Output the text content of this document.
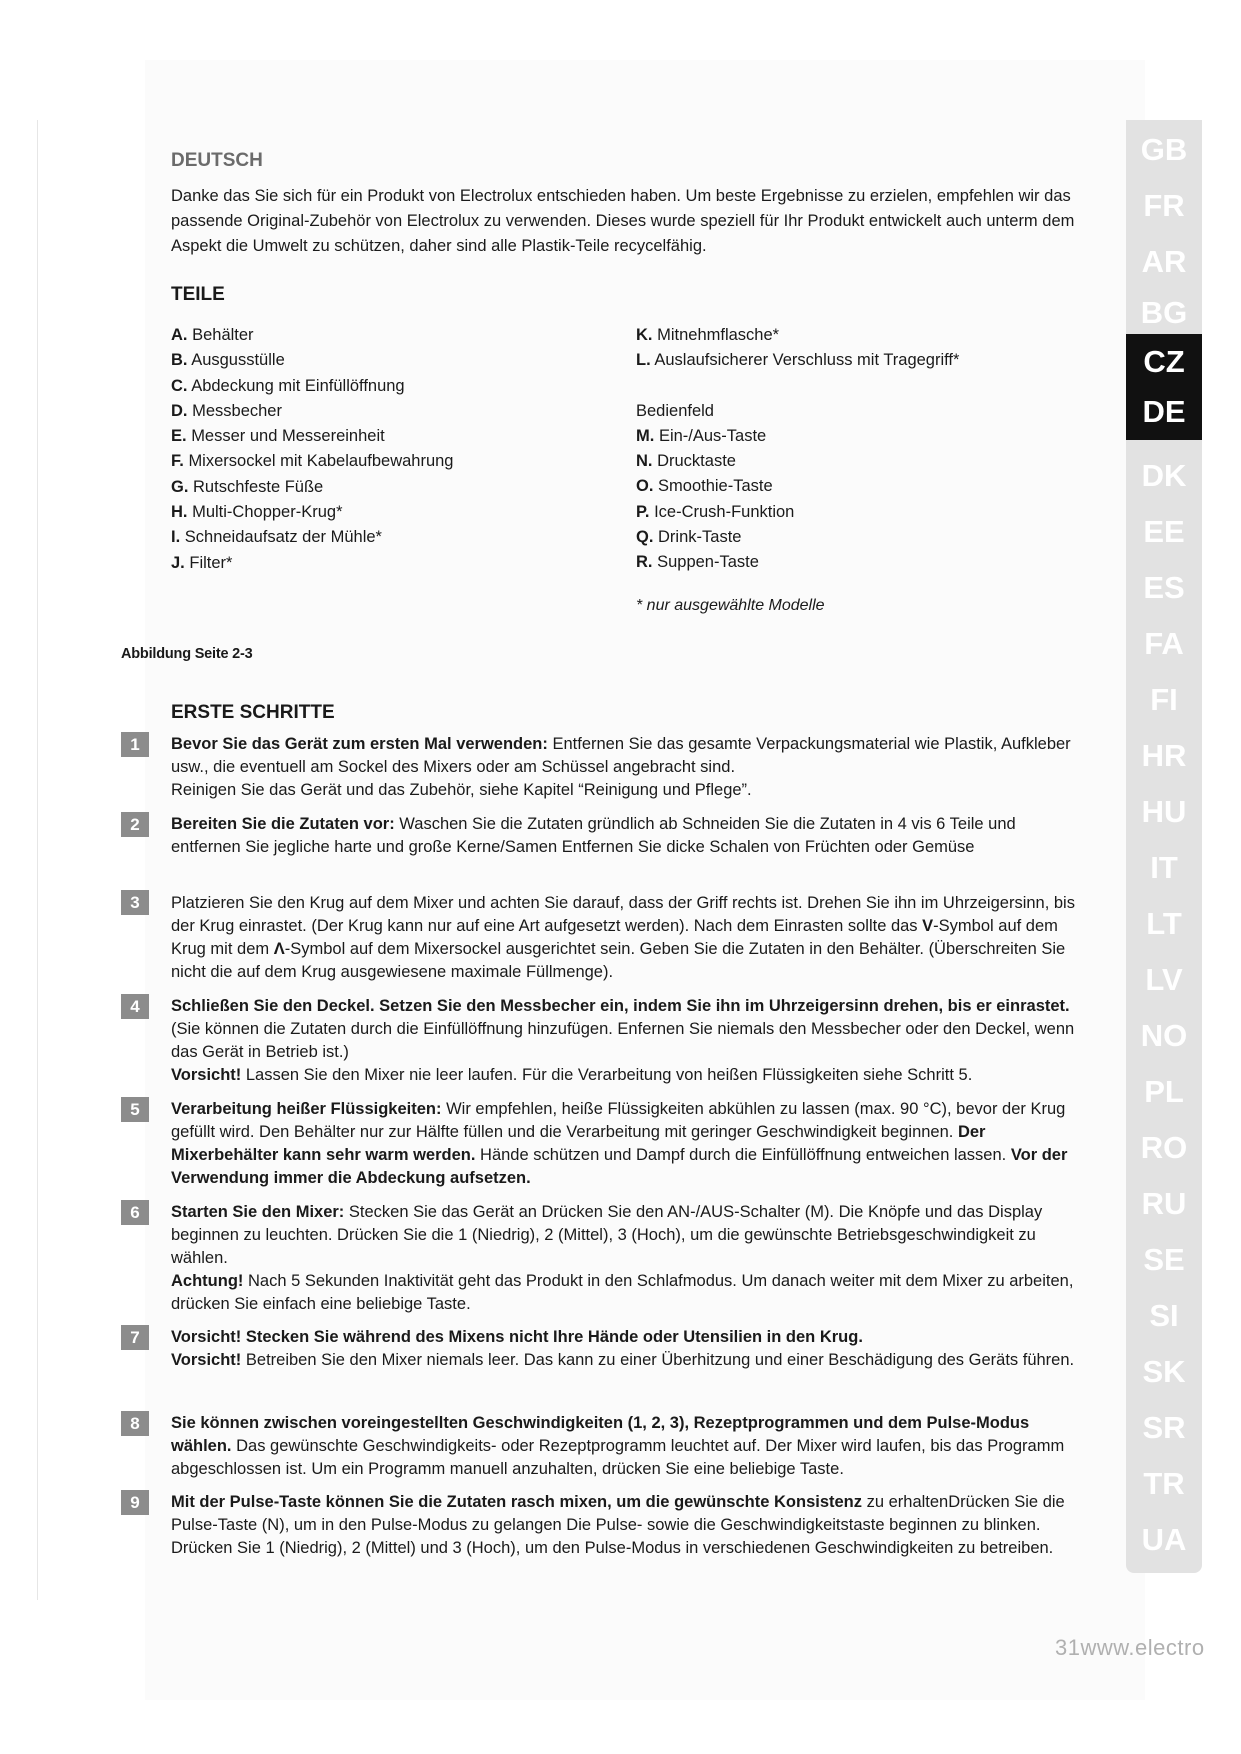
DEUTSCH

Danke das Sie sich für ein Produkt von Electrolux entschieden haben. Um beste Ergebnisse zu erzielen, empfehlen wir das passende Original-Zubehör von Electrolux zu verwenden. Dieses wurde speziell für Ihr Produkt entwickelt auch unterm dem Aspekt die Umwelt zu schützen, daher sind alle Plastik-Teile recycelfähig.

TEILE
A. Behälter
B. Ausgusstülle
C. Abdeckung mit Einfüllöffnung
D. Messbecher
E. Messer und Messereinheit
F. Mixersockel mit Kabelaufbewahrung
G. Rutschfeste Füße
H. Multi-Chopper-Krug*
I. Schneidaufsatz der Mühle*
J. Filter*
K. Mitnehmflasche*
L. Auslaufsicherer Verschluss mit Tragegriff*
Bedienfeld
M. Ein-/Aus-Taste
N. Drucktaste
O. Smoothie-Taste
P. Ice-Crush-Funktion
Q. Drink-Taste
R. Suppen-Taste
* nur ausgewählte Modelle
Abbildung Seite 2-3
ERSTE SCHRITTE
1	Bevor Sie das Gerät zum ersten Mal verwenden: Entfernen Sie das gesamte Verpackungsmaterial wie Plastik, Aufkleber usw., die eventuell am Sockel des Mixers oder am Schüssel angebracht sind.

Reinigen Sie das Gerät und das Zubehör, siehe Kapitel “Reinigung und Pflege”.

2	Bereiten Sie die Zutaten vor: Waschen Sie die Zutaten gründlich ab Schneiden Sie die Zutaten in 4 vis 6 Teile und entfernen Sie jegliche harte und große Kerne/Samen Entfernen Sie dicke Schalen von Früchten oder Gemüse

3	Platzieren Sie den Krug auf dem Mixer und achten Sie darauf, dass der Griff rechts ist. Drehen Sie ihn im Uhrzeigersinn, bis der Krug einrastet. (Der Krug kann nur auf eine Art aufgesetzt werden). Nach dem Einrasten sollte das V-Symbol auf dem Krug mit dem Λ-Symbol auf dem Mixersockel ausgerichtet sein. Geben Sie die Zutaten in den Behälter. (Überschreiten Sie nicht die auf dem Krug ausgewiesene maximale Füllmenge).

4	Schließen Sie den Deckel. Setzen Sie den Messbecher ein, indem Sie ihn im Uhrzeigersinn drehen, bis er einrastet. (Sie können die Zutaten durch die Einfüllöffnung hinzufügen. Enfernen Sie niemals den Messbecher oder den Deckel, wenn das Gerät in Betrieb ist.)

Vorsicht! Lassen Sie den Mixer nie leer laufen. Für die Verarbeitung von heißen Flüssigkeiten siehe Schritt 5.

5	Verarbeitung heißer Flüssigkeiten: Wir empfehlen, heiße Flüssigkeiten abkühlen zu lassen (max. 90 °C), bevor der Krug gefüllt wird. Den Behälter nur zur Hälfte füllen und die Verarbeitung mit geringer Geschwindigkeit beginnen. Der Mixerbehälter kann sehr warm werden. Hände schützen und Dampf durch die Einfüllöffnung entweichen lassen. Vor der Verwendung immer die Abdeckung aufsetzen.

6	Starten Sie den Mixer: Stecken Sie das Gerät an Drücken Sie den AN-/AUS-Schalter (M). Die Knöpfe und das Display beginnen zu leuchten. Drücken Sie die 1 (Niedrig), 2 (Mittel), 3 (Hoch), um die gewünschte Betriebsgeschwindigkeit zu wählen.

Achtung! Nach 5 Sekunden Inaktivität geht das Produkt in den Schlafmodus. Um danach weiter mit dem Mixer zu arbeiten, drücken Sie einfach eine beliebige Taste.

7	Vorsicht! Stecken Sie während des Mixens nicht Ihre Hände oder Utensilien in den Krug.

Vorsicht! Betreiben Sie den Mixer niemals leer. Das kann zu einer Überhitzung und einer Beschädigung des Geräts führen.

8	Sie können zwischen voreingestellten Geschwindigkeiten (1, 2, 3), Rezeptprogrammen und dem Pulse-Modus wählen. Das gewünschte Geschwindigkeits- oder Rezeptprogramm leuchtet auf. Der Mixer wird laufen, bis das Programm abgeschlossen ist. Um ein Programm manuell anzuhalten, drücken Sie eine beliebige Taste.

9	Mit der Pulse-Taste können Sie die Zutaten rasch mixen, um die gewünschte Konsistenz zu erhaltenDrücken Sie die Pulse-Taste (N), um in den Pulse-Modus zu gelangen Die Pulse- sowie die Geschwindigkeitstaste beginnen zu blinken. Drücken Sie 1 (Niedrig), 2 (Mittel) und 3 (Hoch), um den Pulse-Modus in verschiedenen Geschwindigkeiten zu betreiben.

GB
FR
AR
BG
CZ
DE
DK
EE
ES
FA
FI
HR
HU
IT
LT
LV
NO
PL
RO
RU
SE
SI
SK
SR
TR
UA
31www.electro
